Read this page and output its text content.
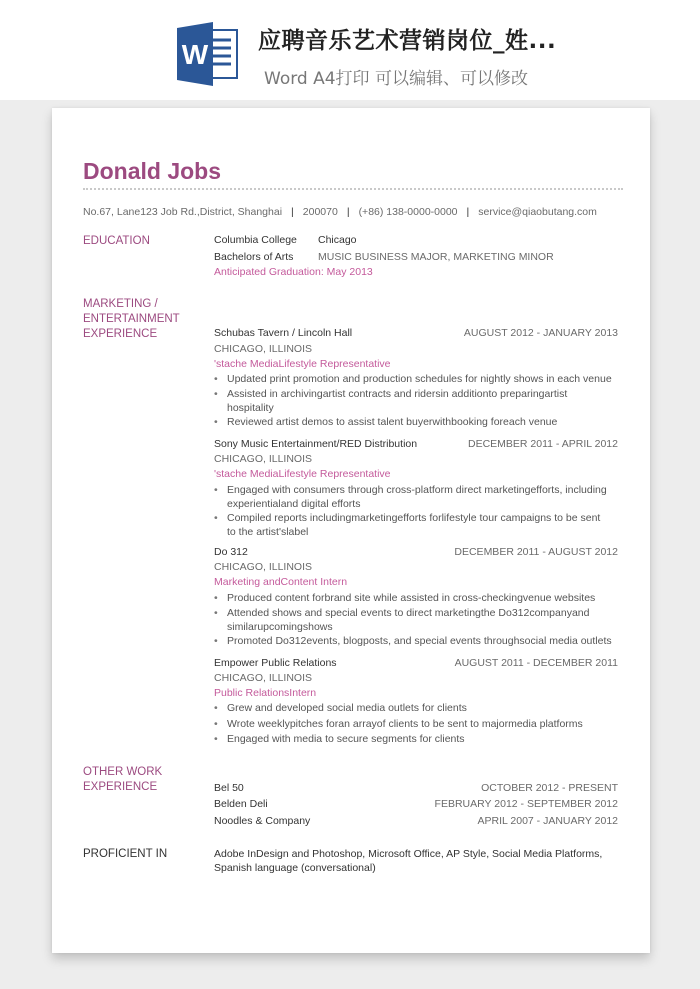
W 应聘音乐艺术营销岗位_姓...
Word A4打印 可以编辑、可以修改
Donald Jobs
No.67, Lane123 Job Rd.,District, Shanghai | 200070 | (+86) 138-0000-0000 | service@qiaobutang.com
EDUCATION	Columbia College Chicago
Bachelors of Arts MUSIC BUSINESS MAJOR, MARKETING MINOR
Anticipated Graduation: May 2013
MARKETING /
ENTERTAINMENT
EXPERIENCE	Schubas Tavern / Lincoln Hall	AUGUST 2012 - JANUARY 2013
CHICAGO, ILLINOIS
'stache MediaLifestyle Representative
• Updated print promotion and production schedules for nightly shows in each venue
• Assisted in archivingartist contracts and ridersin additionto preparingartist
hospitality
• Reviewed artist demos to assist talent buyerwithbooking foreach venue
Sony Music Entertainment/RED Distribution	DECEMBER 2011 - APRIL 2012
CHICAGO, ILLINOIS
'stache MediaLifestyle Representative
• Engaged with consumers through cross-platform direct marketingefforts, including
experientialand digital efforts
• Compiled reports includingmarketingefforts forlifestyle tour campaigns to be sent
to the artist'slabel
Do 312	DECEMBER 2011 - AUGUST 2012
CHICAGO, ILLINOIS
Marketing andContent Intern
• Produced content forbrand site while assisted in cross-checkingvenue websites
• Attended shows and special events to direct marketingthe Do312companyand
similarupcomingshows
• Promoted Do312events, blogposts, and special events throughsocial media outlets
Empower Public Relations	AUGUST 2011 - DECEMBER 2011
CHICAGO, ILLINOIS
Public RelationsIntern
• Grew and developed social media outlets for clients
• Wrote weeklypitches foran arrayof clients to be sent to majormedia platforms
• Engaged with media to secure segments for clients
OTHER WORK
EXPERIENCE	Bel 50	OCTOBER 2012 - PRESENT
Belden Deli	FEBRUARY 2012 - SEPTEMBER 2012
Noodles & Company	APRIL 2007 - JANUARY 2012
PROFICIENT IN	Adobe InDesign and Photoshop, Microsoft Office, AP Style, Social Media Platforms,
Spanish language (conversational)
